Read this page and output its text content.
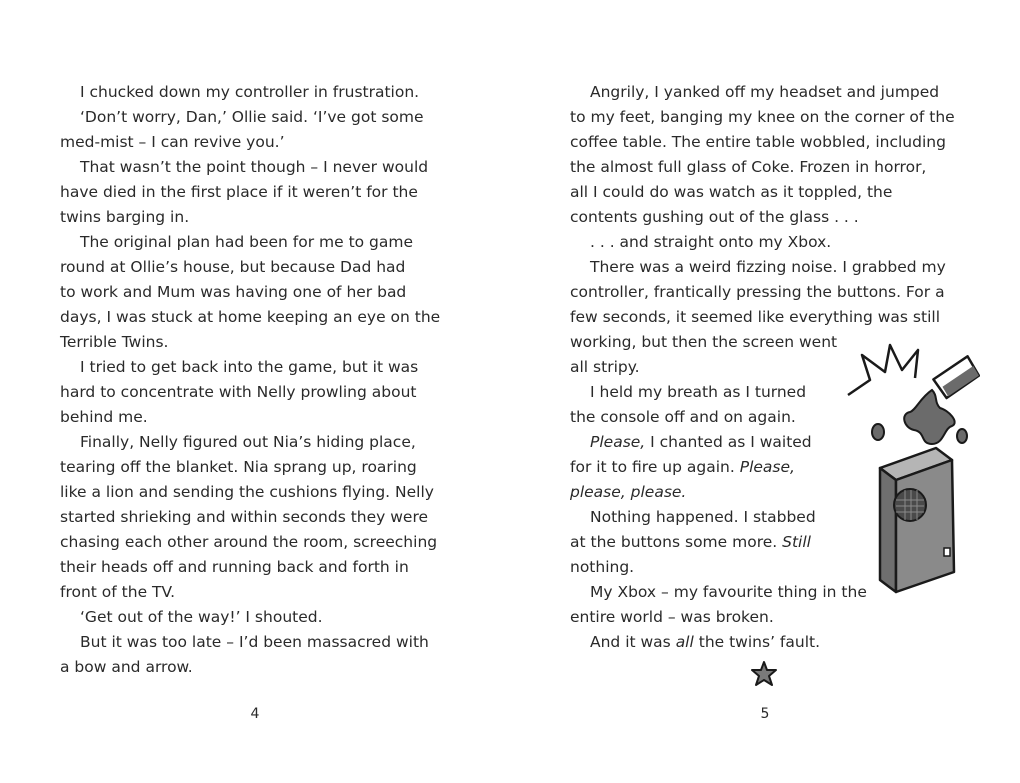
I chucked down my controller in frustration.
‘Don’t worry, Dan,’ Ollie said. ‘I’ve got some
med-mist – I can revive you.’
That wasn’t the point though – I never would
have died in the first place if it weren’t for the
twins barging in.
The original plan had been for me to game
round at Ollie’s house, but because Dad had
to work and Mum was having one of her bad
days, I was stuck at home keeping an eye on the
Terrible Twins.
I tried to get back into the game, but it was
hard to concentrate with Nelly prowling about
behind me.
Finally, Nelly figured out Nia’s hiding place,
tearing off the blanket. Nia sprang up, roaring
like a lion and sending the cushions flying. Nelly
started shrieking and within seconds they were
chasing each other around the room, screeching
their heads off and running back and forth in
front of the TV.
‘Get out of the way!’ I shouted.
But it was too late – I’d been massacred with
a bow and arrow.
Angrily, I yanked off my headset and jumped
to my feet, banging my knee on the corner of the
coffee table. The entire table wobbled, including
the almost full glass of Coke. Frozen in horror,
all I could do was watch as it toppled, the
contents gushing out of the glass . . .
. . . and straight onto my Xbox.
There was a weird fizzing noise. I grabbed my
controller, frantically pressing the buttons. For a
few seconds, it seemed like everything was still
working, but then the screen went
all stripy.
I held my breath as I turned
the console off and on again.
Please, I chanted as I waited
for it to fire up again. Please,
please, please.
Nothing happened. I stabbed
at the buttons some more. Still
nothing.
My Xbox – my favourite thing in the
entire world – was broken.
And it was all the twins’ fault.
4	5
